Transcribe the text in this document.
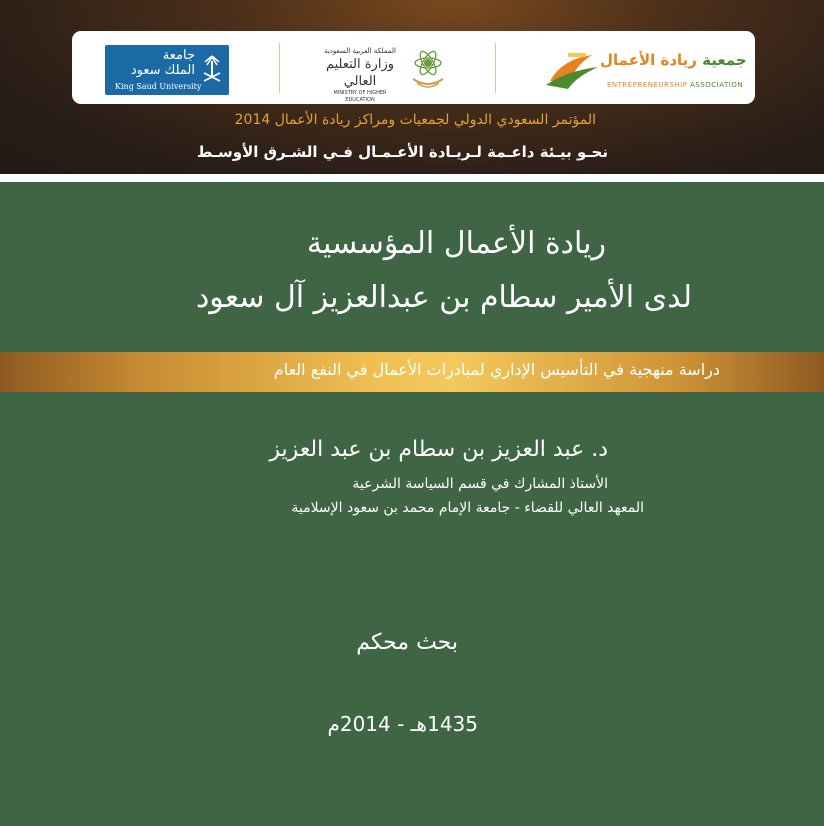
جامعة
الملك سعود
King Saud University
المملكة العربية السعودية
وزارة التعليم العالي
MINISTRY OF HIGHER EDUCATION
جمعية ريادة الأعمال
ENTREPRENEURSHIP ASSOCIATION
المؤتمر السعودي الدولي لجمعيات ومراكز ريادة الأعمال 2014
نحـو بيـئة داعـمة لـريـادة الأعـمـال فـي الشـرق الأوسـط
ريادة الأعمال المؤسسية
لدى الأمير سطام بن عبدالعزيز آل سعود
دراسة منهجية في التأسيس الإداري لمبادرات الأعمال في النفع العام
د. عبد العزيز بن سطام بن عبد العزيز
الأستاذ المشارك في قسم السياسة الشرعية
المعهد العالي للقضاء - جامعة الإمام محمد بن سعود الإسلامية
بحث محكم
1435هـ - 2014م
